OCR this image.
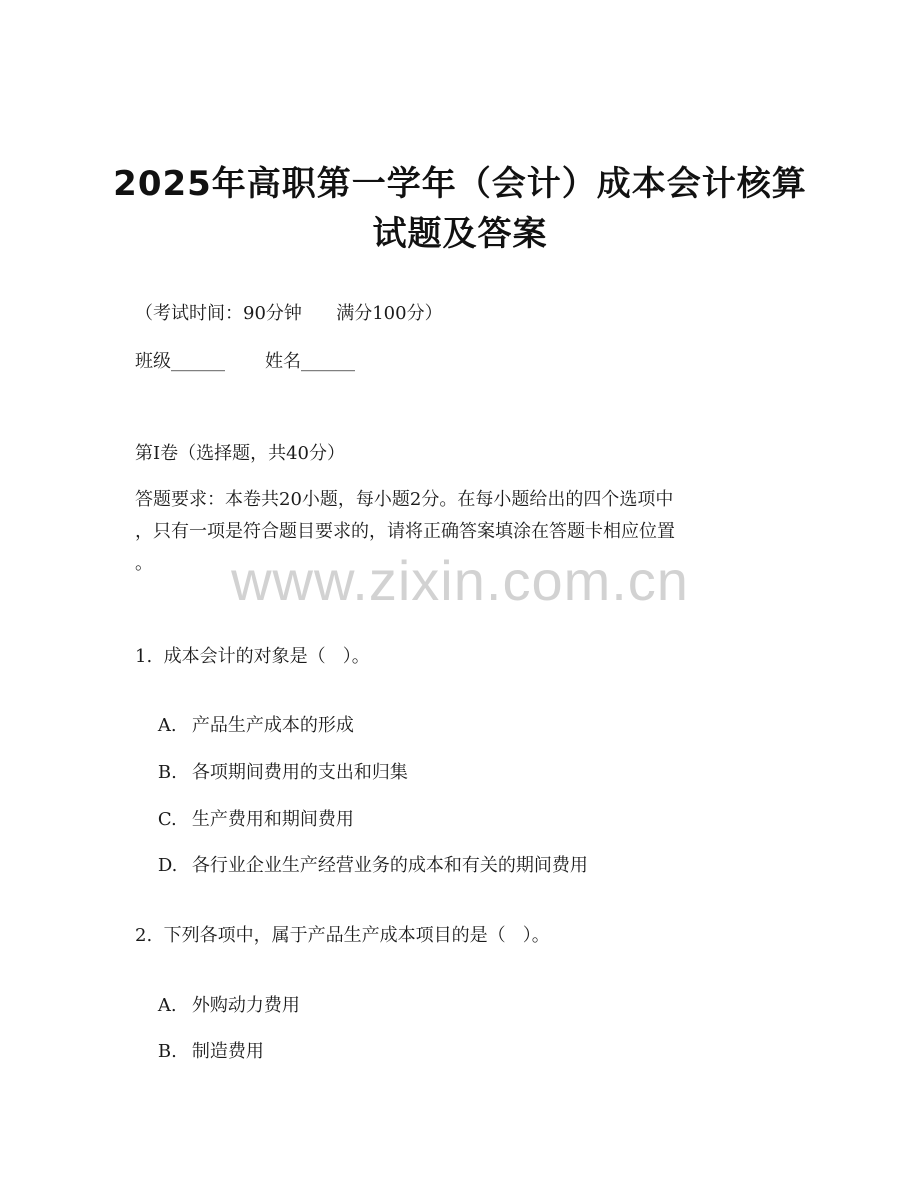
2025年高职第一学年（会计）成本会计核算
试题及答案
（考试时间：90分钟      满分100分）
班级______       姓名______
第I卷（选择题，共40分）
答题要求：本卷共20小题，每小题2分。在每小题给出的四个选项中
，只有一项是符合题目要求的，请将正确答案填涂在答题卡相应位置
。	www.zixin.com.cn
1.  成本会计的对象是（   ）。

A. 产品生产成本的形成

B. 各项期间费用的支出和归集

C. 生产费用和期间费用

D. 各行业企业生产经营业务的成本和有关的期间费用

2.  下列各项中，属于产品生产成本项目的是（   ）。

A. 外购动力费用

B. 制造费用
